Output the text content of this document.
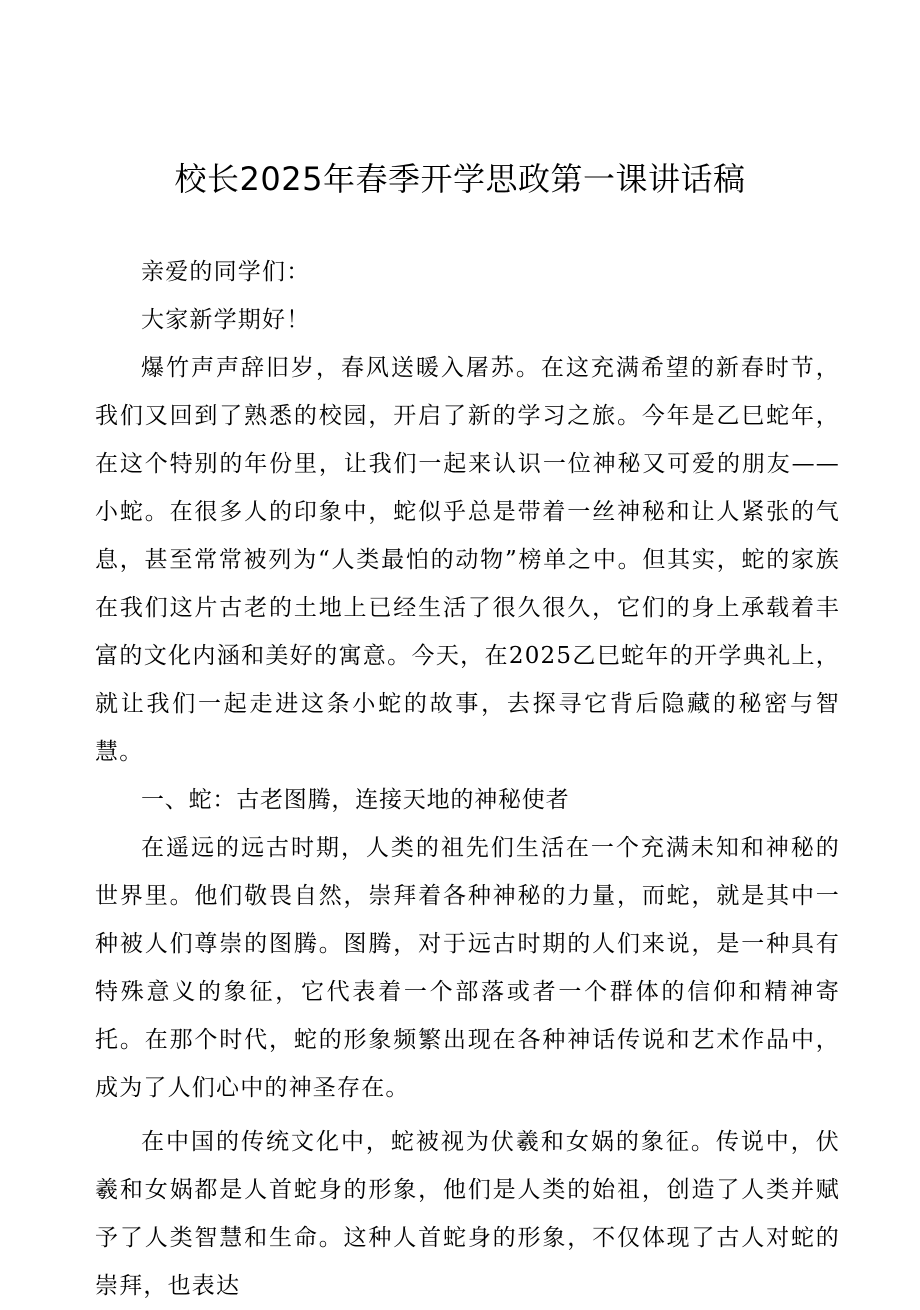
校长2025年春季开学思政第一课讲话稿

亲爱的同学们：

大家新学期好！

爆竹声声辞旧岁，春风送暖入屠苏。在这充满希望的新春时节，我们又回到了熟悉的校园，开启了新的学习之旅。今年是乙巳蛇年，在这个特别的年份里，让我们一起来认识一位神秘又可爱的朋友——小蛇。在很多人的印象中，蛇似乎总是带着一丝神秘和让人紧张的气息，甚至常常被列为“人类最怕的动物”榜单之中。但其实，蛇的家族在我们这片古老的土地上已经生活了很久很久，它们的身上承载着丰富的文化内涵和美好的寓意。今天，在2025乙巳蛇年的开学典礼上，就让我们一起走进这条小蛇的故事，去探寻它背后隐藏的秘密与智慧。

一、蛇：古老图腾，连接天地的神秘使者

在遥远的远古时期，人类的祖先们生活在一个充满未知和神秘的世界里。他们敬畏自然，崇拜着各种神秘的力量，而蛇，就是其中一种被人们尊崇的图腾。图腾，对于远古时期的人们来说，是一种具有特殊意义的象征，它代表着一个部落或者一个群体的信仰和精神寄托。在那个时代，蛇的形象频繁出现在各种神话传说和艺术作品中，成为了人们心中的神圣存在。

在中国的传统文化中，蛇被视为伏羲和女娲的象征。传说中，伏羲和女娲都是人首蛇身的形象，他们是人类的始祖，创造了人类并赋予了人类智慧和生命。这种人首蛇身的形象，不仅体现了古人对蛇的崇拜，也表达
